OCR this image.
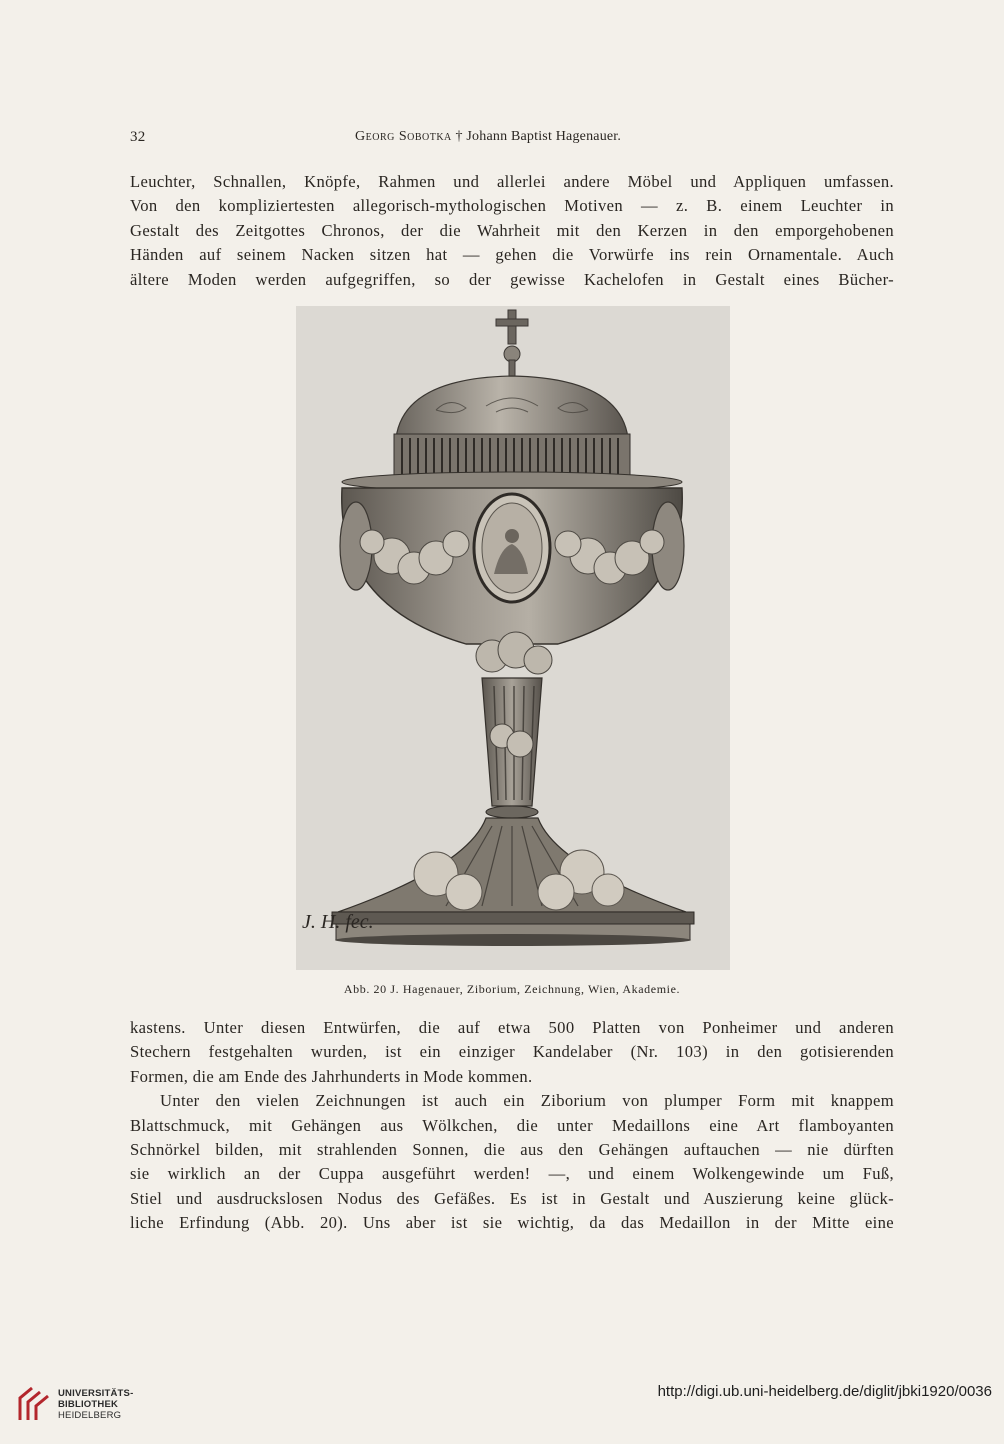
32	Georg Sobotka † Johann Baptist Hagenauer.
Leuchter, Schnallen, Knöpfe, Rahmen und allerlei andere Möbel und Appliquen umfassen.
Von den kompliziertesten allegorisch-mythologischen Motiven — z. B. einem Leuchter in
Gestalt des Zeitgottes Chronos, der die Wahrheit mit den Kerzen in den emporgehobenen
Händen auf seinem Nacken sitzen hat — gehen die Vorwürfe ins rein Ornamentale. Auch
ältere Moden werden aufgegriffen, so der gewisse Kachelofen in Gestalt eines Bücher-
J. H. fec.
Abb. 20 J. Hagenauer, Ziborium, Zeichnung, Wien, Akademie.
kastens. Unter diesen Entwürfen, die auf etwa 500 Platten von Ponheimer und anderen
Stechern festgehalten wurden, ist ein einziger Kandelaber (Nr. 103) in den gotisierenden
Formen, die am Ende des Jahrhunderts in Mode kommen.
Unter den vielen Zeichnungen ist auch ein Ziborium von plumper Form mit knappem
Blattschmuck, mit Gehängen aus Wölkchen, die unter Medaillons eine Art flamboyanten
Schnörkel bilden, mit strahlenden Sonnen, die aus den Gehängen auftauchen — nie dürften
sie wirklich an der Cuppa ausgeführt werden! —, und einem Wolkengewinde um Fuß,
Stiel und ausdruckslosen Nodus des Gefäßes. Es ist in Gestalt und Auszierung keine glück-
liche Erfindung (Abb. 20). Uns aber ist sie wichtig, da das Medaillon in der Mitte eine
UNIVERSITÄTS-
BIBLIOTHEK
HEIDELBERG
http://digi.ub.uni-heidelberg.de/diglit/jbki1920/0036
